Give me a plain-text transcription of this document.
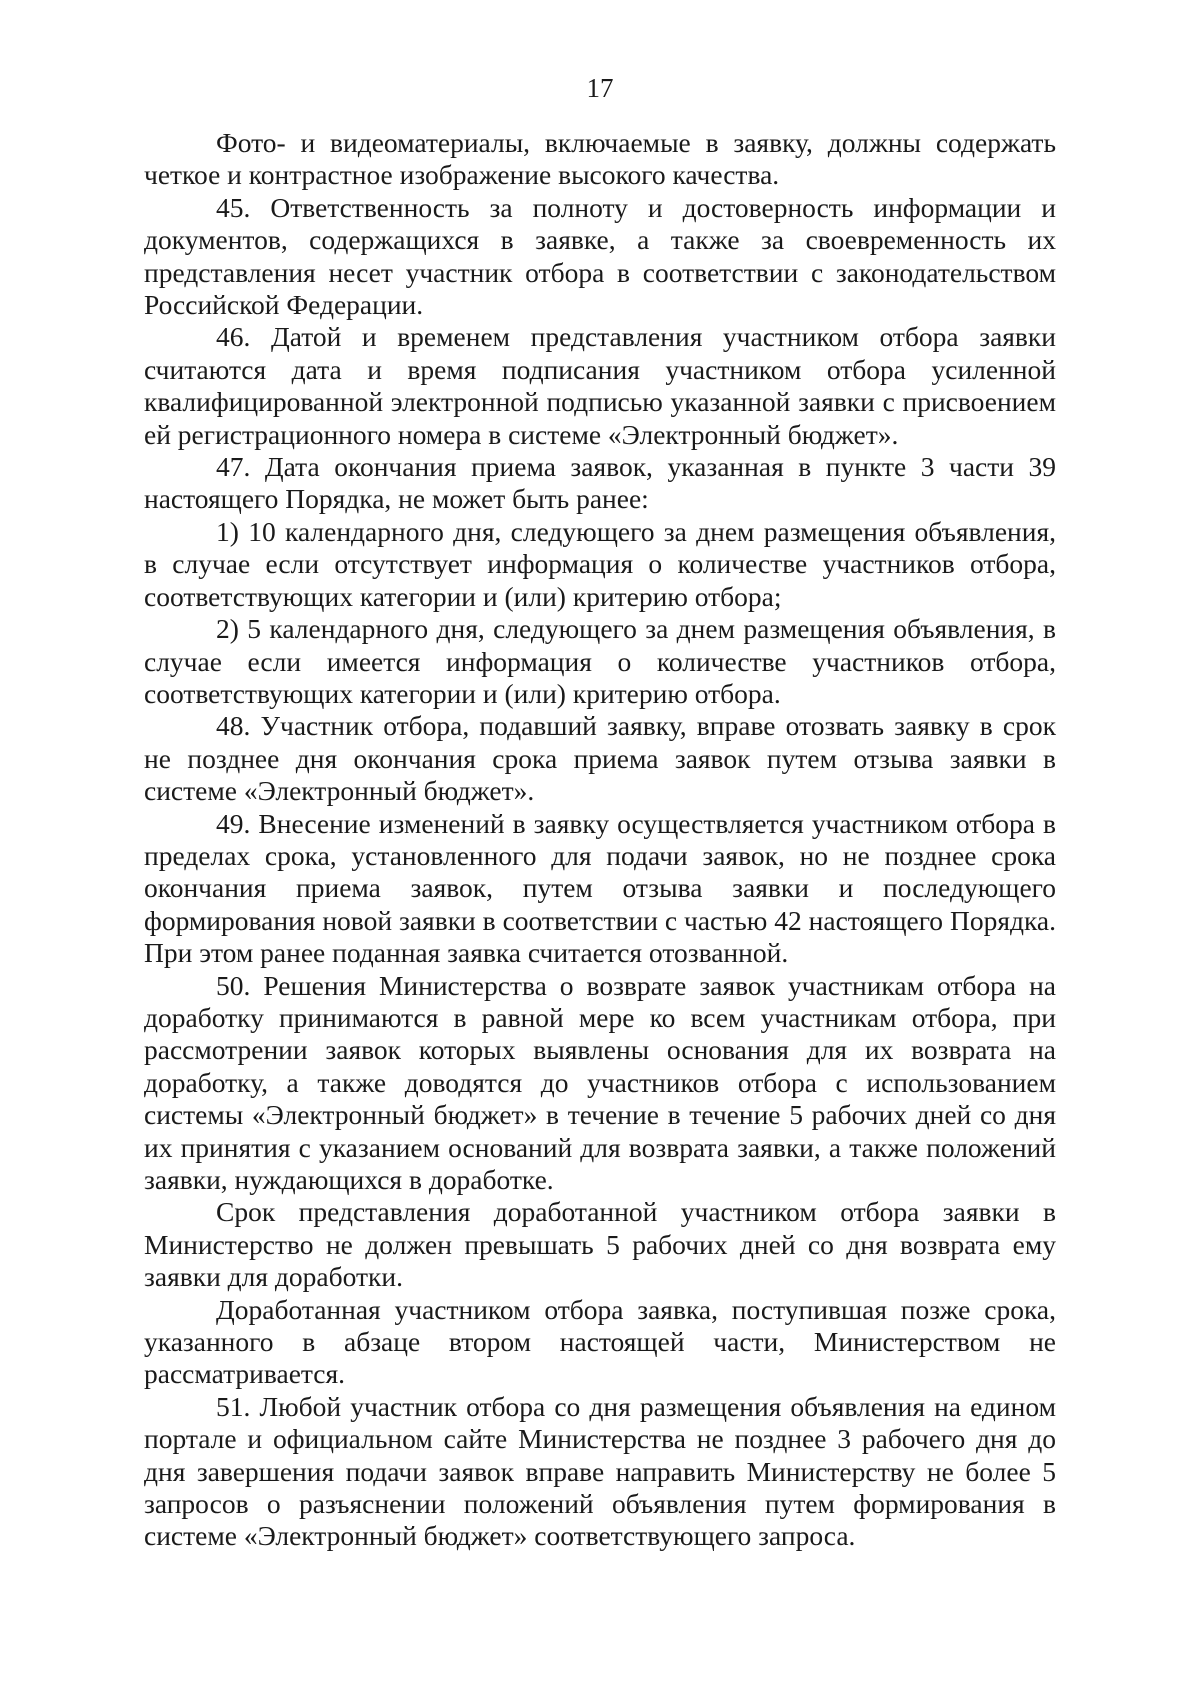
17

Фото- и видеоматериалы, включаемые в заявку, должны содержать четкое и контрастное изображение высокого качества.

45. Ответственность за полноту и достоверность информации и документов, содержащихся в заявке, а также за своевременность их представления несет участник отбора в соответствии с законодательством Российской Федерации.

46. Датой и временем представления участником отбора заявки считаются дата и время подписания участником отбора усиленной квалифицированной электронной подписью указанной заявки с присвоением ей регистрационного номера в системе «Электронный бюджет».

47. Дата окончания приема заявок, указанная в пункте 3 части 39 настоящего Порядка, не может быть ранее:

1) 10 календарного дня, следующего за днем размещения объявления, в случае если отсутствует информация о количестве участников отбора, соответствующих категории и (или) критерию отбора;

2) 5 календарного дня, следующего за днем размещения объявления, в случае если имеется информация о количестве участников отбора, соответствующих категории и (или) критерию отбора.

48. Участник отбора, подавший заявку, вправе отозвать заявку в срок не позднее дня окончания срока приема заявок путем отзыва заявки в системе «Электронный бюджет».

49. Внесение изменений в заявку осуществляется участником отбора в пределах срока, установленного для подачи заявок, но не позднее срока окончания приема заявок, путем отзыва заявки и последующего формирования новой заявки в соответствии с частью 42 настоящего Порядка. При этом ранее поданная заявка считается отозванной.

50. Решения Министерства о возврате заявок участникам отбора на доработку принимаются в равной мере ко всем участникам отбора, при рассмотрении заявок которых выявлены основания для их возврата на доработку, а также доводятся до участников отбора с использованием системы «Электронный бюджет» в течение в течение 5 рабочих дней со дня их принятия с указанием оснований для возврата заявки, а также положений заявки, нуждающихся в доработке.

Срок представления доработанной участником отбора заявки в Министерство не должен превышать 5 рабочих дней со дня возврата ему заявки для доработки.

Доработанная участником отбора заявка, поступившая позже срока, указанного в абзаце втором настоящей части, Министерством не рассматривается.

51. Любой участник отбора со дня размещения объявления на едином портале и официальном сайте Министерства не позднее 3 рабочего дня до дня завершения подачи заявок вправе направить Министерству не более 5 запросов о разъяснении положений объявления путем формирования в системе «Электронный бюджет» соответствующего запроса.
